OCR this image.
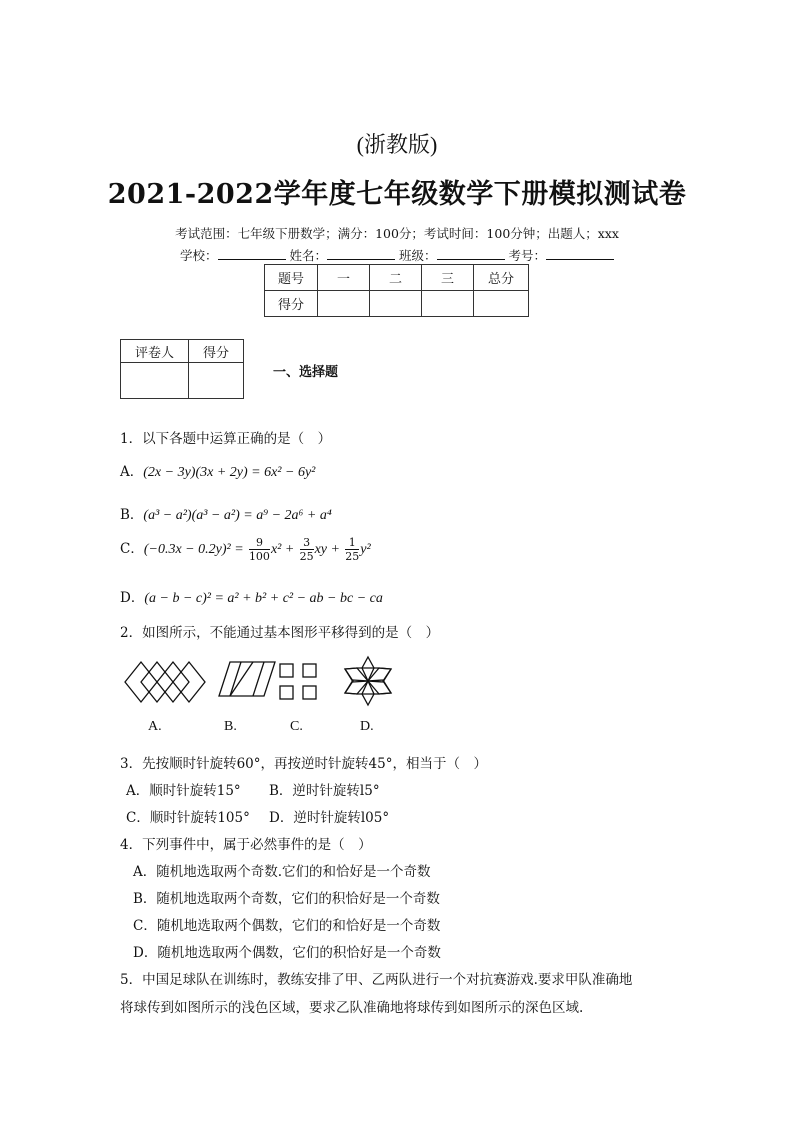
(浙教版)
2021-2022学年度七年级数学下册模拟测试卷
考试范围：七年级下册数学；满分：100分；考试时间：100分钟；出题人；xxx
学校：	姓名：	班级：	考号：
题号	一	二	三	总分
得分				
评卷人	得分

一、选择题
1．以下各题中运算正确的是（　）
A．(2x − 3y)(3x + 2y) = 6x² − 6y²
B．(a³ − a²)(a³ − a²) = a⁹ − 2a⁶ + a⁴
C．$(-0.3x - 0.2y)^2 = \frac{9}{100} x^2 + \frac{3}{25}$ xy + $\frac{1}{25} y^2$
D．(a − b − c)² = a² + b² + c² − ab − bc − ca
2．如图所示，不能通过基本图形平移得到的是（　）
A.	B.	C.	D.
3．先按顺时针旋转60°，再按逆时针旋转45°，相当于（　）
A．顺时针旋转15° B．逆时针旋转l5°
C．顺时针旋转105° D．逆时针旋转l05°
4．下列事件中，属于必然事件的是（　）
A．随机地选取两个奇数.它们的和恰好是一个奇数
B．随机地选取两个奇数，它们的积恰好是一个奇数
C．随机地选取两个偶数，它们的和恰好是一个奇数
D．随机地选取两个偶数，它们的积恰好是一个奇数
5．中国足球队在训练时，教练安排了甲、乙两队进行一个对抗赛游戏.要求甲队准确地
将球传到如图所示的浅色区域，要求乙队准确地将球传到如图所示的深色区域.
